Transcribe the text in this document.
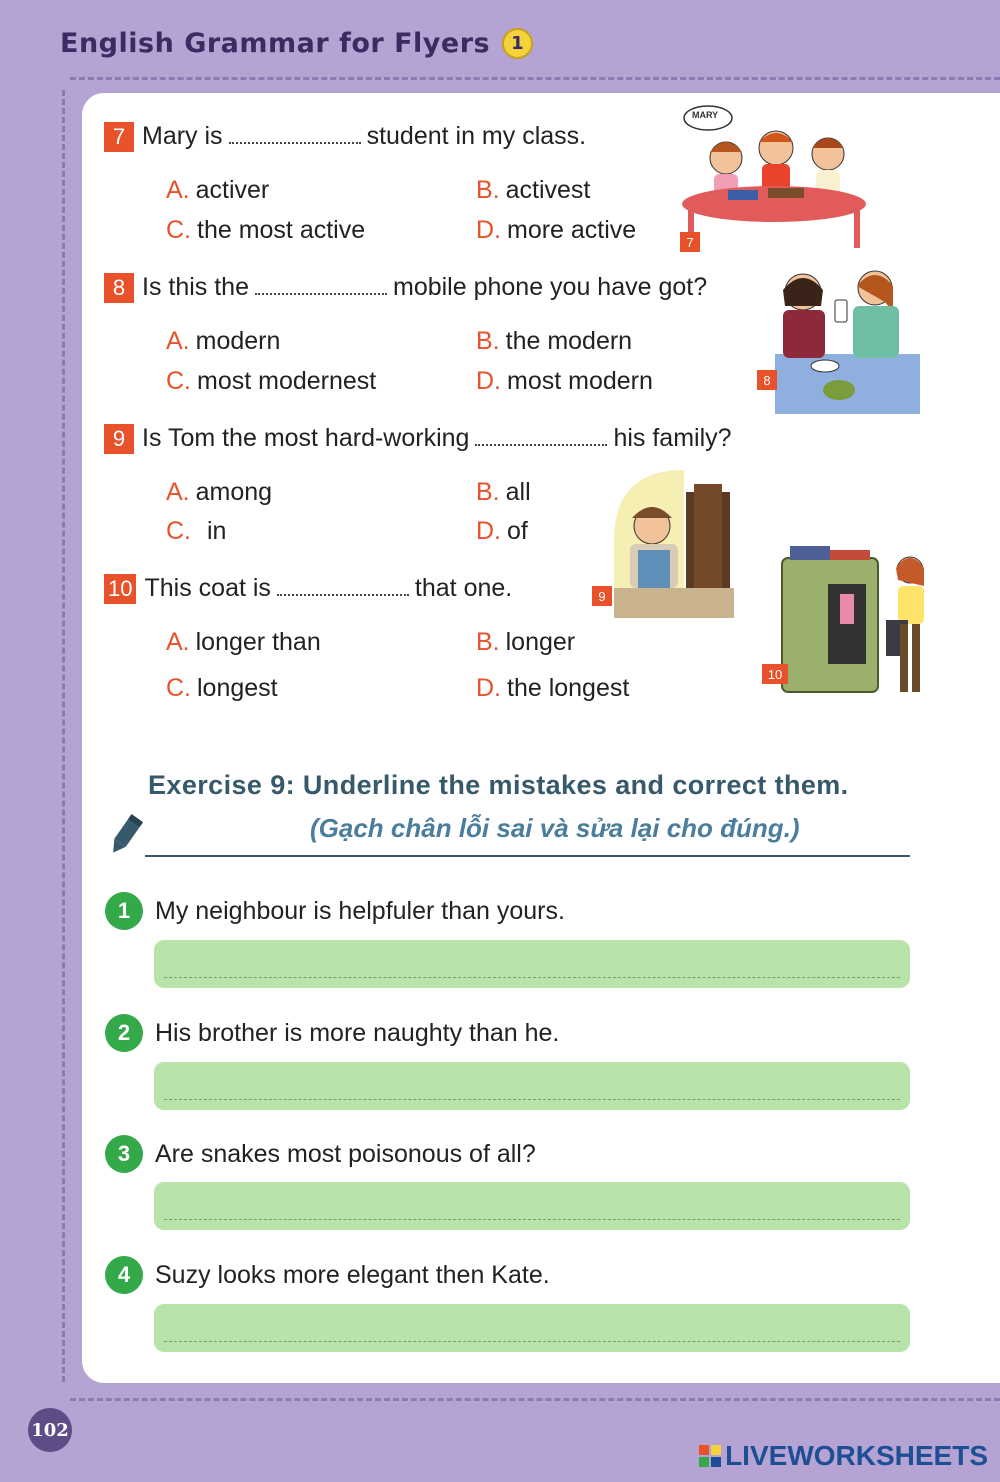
English Grammar for Flyers	1
7 Mary is	student in my class.
A. activer	B. activest
C. the most active	D. more active
8 Is this the	mobile phone you have got?
A. modern	B. the modern
C. most modernest	D. most modern
9 Is Tom the most hard-working	his family?
A. among	B. all
C. in	D. of
10 This coat is	that one.
A. longer than	B. longer
C. longest	D. the longest
MARY
7
8
9
10
Exercise 9: Underline the mistakes and correct them.
(Gạch chân lỗi sai và sửa lại cho đúng.)
1 My neighbour is helpfuler than yours.
2 His brother is more naughty than he.
3 Are snakes most poisonous of all?
4 Suzy looks more elegant then Kate.
102
LIVEWORKSHEETS
